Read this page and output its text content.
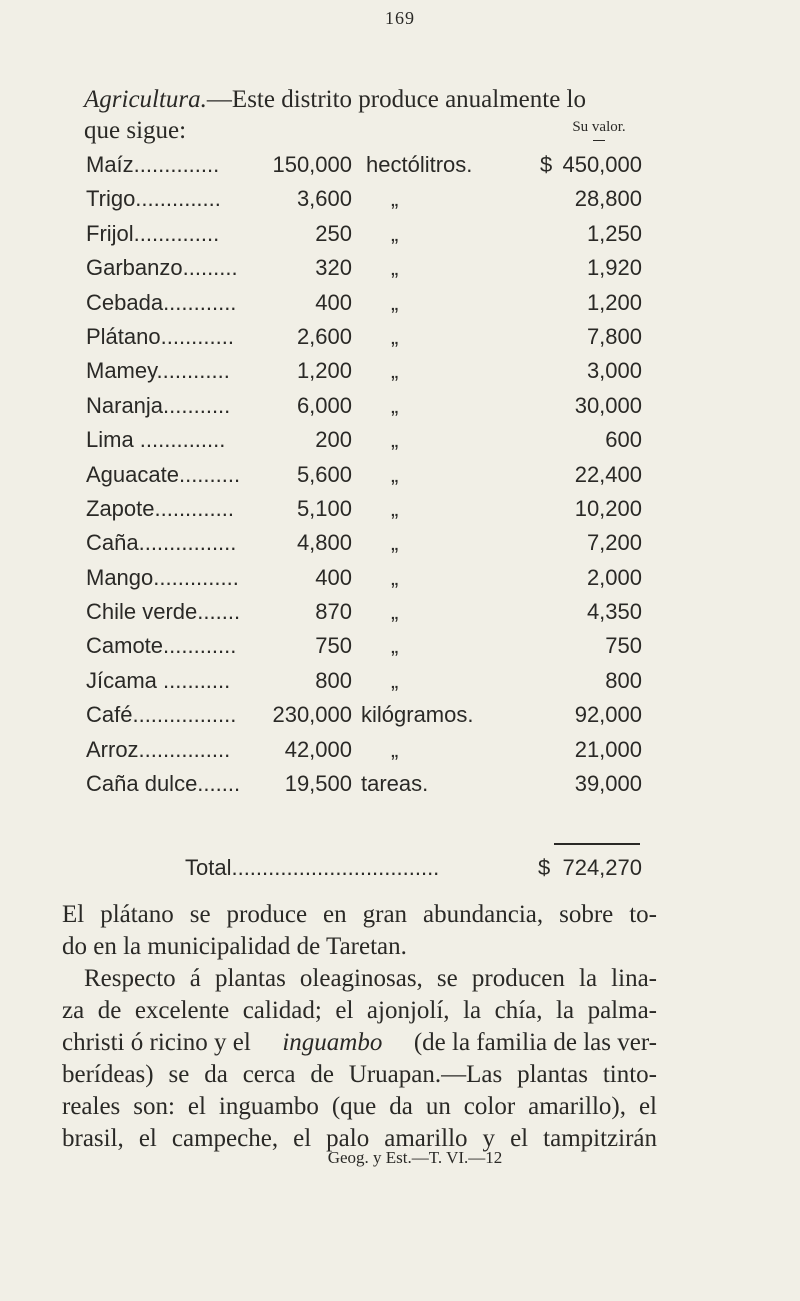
169
Agricultura.—Este distrito produce anualmente lo
que sigue:	Su valor.
Maíz..............	150,000 hectólitros.	$ 450,000
Trigo..............	3,600 „	28,800
Frijol..............	250 „	1,250
Garbanzo.........	320 „	1,920
Cebada............	400 „	1,200
Plátano............	2,600 „	7,800
Mamey............	1,200 „	3,000
Naranja...........	6,000 „	30,000
Lima ..............	200 „	600
Aguacate..........	5,600 „	22,400
Zapote.............	5,100 „	10,200
Caña................	4,800 „	7,200
Mango..............	400 „	2,000
Chile verde.......	870 „	4,350
Camote............	750 „	750
Jícama ...........	800 „	800
Café.................	230,000 kilógramos.	92,000
Arroz...............	42,000 „	21,000
Caña dulce.......	19,500 tareas.	39,000
Total..................................	$ 724,270
El plátano se produce en gran abundancia, sobre to-
do en la municipalidad de Taretan.
Respecto á plantas oleaginosas, se producen la lina-
za de excelente calidad; el ajonjolí, la chía, la palma-
christi ó ricino y el inguambo (de la familia de las ver-
berídeas) se da cerca de Uruapan.—Las plantas tinto-
reales son: el inguambo (que da un color amarillo), el
brasil, el campeche, el palo amarillo y el tampitzirán
Geog. y Est.—T. VI.—12
